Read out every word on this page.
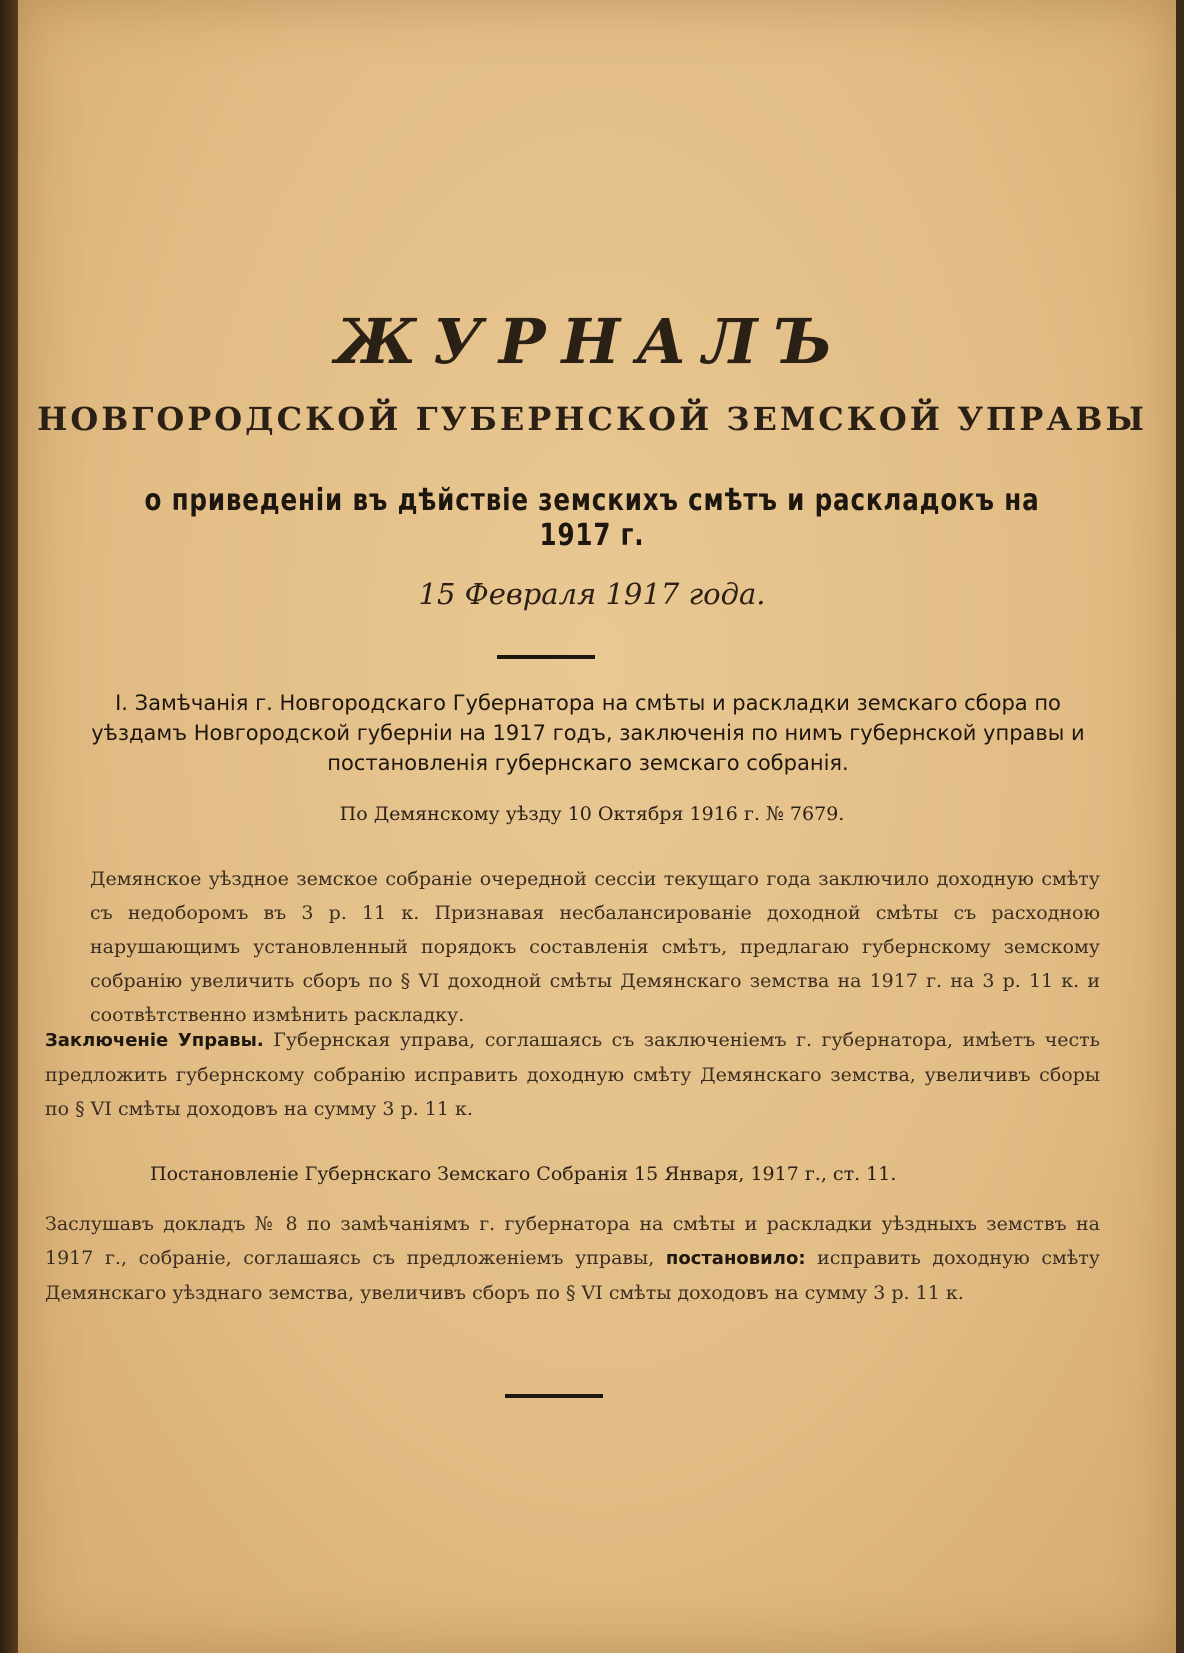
ЖУРНАЛЪ
НОВГОРОДСКОЙ ГУБЕРНСКОЙ ЗЕМСКОЙ УПРАВЫ
о приведенiи въ дѣйствiе земскихъ смѣтъ и раскладокъ на 1917 г.
15 Февраля 1917 года.
I. Замѣчанiя г. Новгородскаго Губернатора на смѣты и раскладки земскаго сбора по уѣздамъ Новгородской губернiи на 1917 годъ, заключенiя по нимъ губернской управы и постановленiя губернскаго земскаго собранiя.
По Демянскому уѣзду 10 Октября 1916 г. № 7679.
Демянское уѣздное земское собранiе очередной сессiи текущаго года заключило доходную смѣту съ недоборомъ въ 3 р. 11 к. Признавая несбалансированiе доходной смѣты съ расходною нарушающимъ установленный порядокъ составленiя смѣтъ, предлагаю губернскому земскому собранiю увеличить сборъ по § VI доходной смѣты Демянскаго земства на 1917 г. на 3 р. 11 к. и соотвѣтственно измѣнить раскладку.
Заключенiе Управы. Губернская управа, соглашаясь съ заключенiемъ г. губернатора, имѣетъ честь предложить губернскому собранiю исправить доходную смѣту Демянскаго земства, увеличивъ сборы по § VI смѣты доходовъ на сумму 3 р. 11 к.
Постановленiе Губернскаго Земскаго Собранiя 15 Января, 1917 г., ст. 11.
Заслушавъ докладъ № 8 по замѣчанiямъ г. губернатора на смѣты и раскладки уѣздныхъ земствъ на 1917 г., собранiе, соглашаясь съ предложенiемъ управы, постановило: исправить доходную смѣту Демянскаго уѣзднаго земства, увеличивъ сборъ по § VI смѣты доходовъ на сумму 3 р. 11 к.
